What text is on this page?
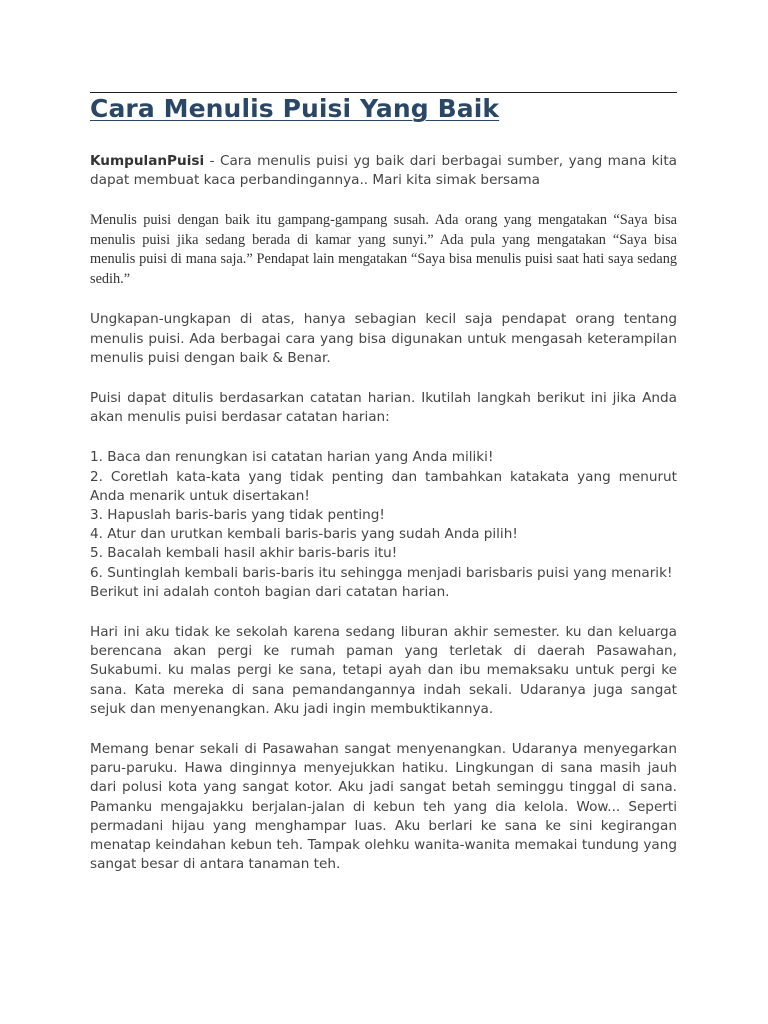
Cara Menulis Puisi Yang Baik

KumpulanPuisi - Cara menulis puisi yg baik dari berbagai sumber, yang mana kita dapat membuat kaca perbandingannya.. Mari kita simak bersama

Menulis puisi dengan baik itu gampang-gampang susah. Ada orang yang mengatakan “Saya bisa menulis puisi jika sedang berada di kamar yang sunyi.” Ada pula yang mengatakan “Saya bisa menulis puisi di mana saja.” Pendapat lain mengatakan “Saya bisa menulis puisi saat hati saya sedang sedih.”

Ungkapan-ungkapan di atas, hanya sebagian kecil saja pendapat orang tentang menulis puisi. Ada berbagai cara yang bisa digunakan untuk mengasah keterampilan menulis puisi dengan baik & Benar.

Puisi dapat ditulis berdasarkan catatan harian. Ikutilah langkah berikut ini jika Anda akan menulis puisi berdasar catatan harian:

1. Baca dan renungkan isi catatan harian yang Anda miliki!
2. Coretlah kata-kata yang tidak penting dan tambahkan katakata yang menurut Anda menarik untuk disertakan!
3. Hapuslah baris-baris yang tidak penting!
4. Atur dan urutkan kembali baris-baris yang sudah Anda pilih!
5. Bacalah kembali hasil akhir baris-baris itu!
6. Suntinglah kembali baris-baris itu sehingga menjadi barisbaris puisi yang menarik!
Berikut ini adalah contoh bagian dari catatan harian.

Hari ini aku tidak ke sekolah karena sedang liburan akhir semester. ku dan keluarga berencana akan pergi ke rumah paman yang terletak di daerah Pasawahan, Sukabumi. ku malas pergi ke sana, tetapi ayah dan ibu memaksaku untuk pergi ke sana. Kata mereka di sana pemandangannya indah sekali. Udaranya juga sangat sejuk dan menyenangkan. Aku jadi ingin membuktikannya.

Memang benar sekali di Pasawahan sangat menyenangkan. Udaranya menyegarkan paru-paruku. Hawa dinginnya menyejukkan hatiku. Lingkungan di sana masih jauh dari polusi kota yang sangat kotor. Aku jadi sangat betah seminggu tinggal di sana. Pamanku mengajakku berjalan-jalan di kebun teh yang dia kelola. Wow... Seperti permadani hijau yang menghampar luas. Aku berlari ke sana ke sini kegirangan menatap keindahan kebun teh. Tampak olehku wanita-wanita memakai tundung yang sangat besar di antara tanaman teh.
